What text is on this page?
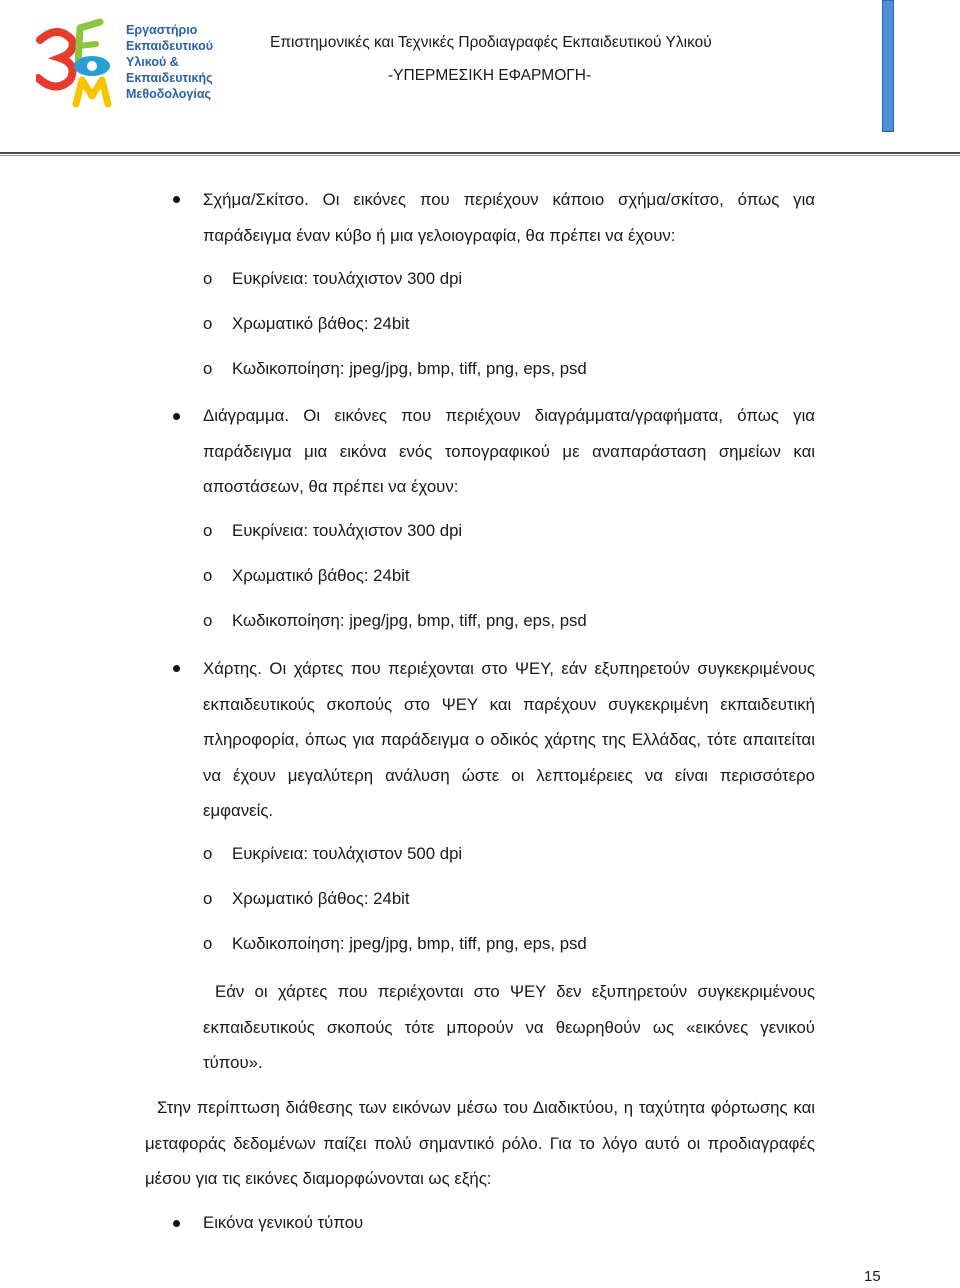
Εργαστήριο
Εκπαιδευτικού
Υλικού &
Εκπαιδευτικής
Μεθοδολογίας
Επιστημονικές και Τεχνικές Προδιαγραφές Εκπαιδευτικού Υλικού
-ΥΠΕΡΜΕΣΙΚΗ ΕΦΑΡΜΟΓΗ-
Σχήμα/Σκίτσο. Οι εικόνες που περιέχουν κάποιο σχήμα/σκίτσο, όπως για παράδειγμα έναν κύβο ή μια γελοιογραφία, θα πρέπει να έχουν:
o Ευκρίνεια: τουλάχιστον 300 dpi
o Χρωματικό βάθος: 24bit
o Κωδικοποίηση: jpeg/jpg, bmp, tiff, png, eps, psd
Διάγραμμα. Οι εικόνες που περιέχουν διαγράμματα/γραφήματα, όπως για παράδειγμα μια εικόνα ενός τοπογραφικού με αναπαράσταση σημείων και αποστάσεων, θα πρέπει να έχουν:
o Ευκρίνεια: τουλάχιστον 300 dpi
o Χρωματικό βάθος: 24bit
o Κωδικοποίηση: jpeg/jpg, bmp, tiff, png, eps, psd
Χάρτης. Οι χάρτες που περιέχονται στο ΨΕΥ, εάν εξυπηρετούν συγκεκριμένους εκπαιδευτικούς σκοπούς στο ΨΕΥ και παρέχουν συγκεκριμένη εκπαιδευτική πληροφορία, όπως για παράδειγμα ο οδικός χάρτης της Ελλάδας, τότε απαιτείται να έχουν μεγαλύτερη ανάλυση ώστε οι λεπτομέρειες να είναι περισσότερο εμφανείς.
o Ευκρίνεια: τουλάχιστον 500 dpi
o Χρωματικό βάθος: 24bit
o Κωδικοποίηση: jpeg/jpg, bmp, tiff, png, eps, psd
Εάν οι χάρτες που περιέχονται στο ΨΕΥ δεν εξυπηρετούν συγκεκριμένους εκπαιδευτικούς σκοπούς τότε μπορούν να θεωρηθούν ως «εικόνες γενικού τύπου».
Στην περίπτωση διάθεσης των εικόνων μέσω του Διαδικτύου, η ταχύτητα φόρτωσης και μεταφοράς δεδομένων παίζει πολύ σημαντικό ρόλο. Για το λόγο αυτό οι προδιαγραφές μέσου για τις εικόνες διαμορφώνονται ως εξής:
Εικόνα γενικού τύπου
15
